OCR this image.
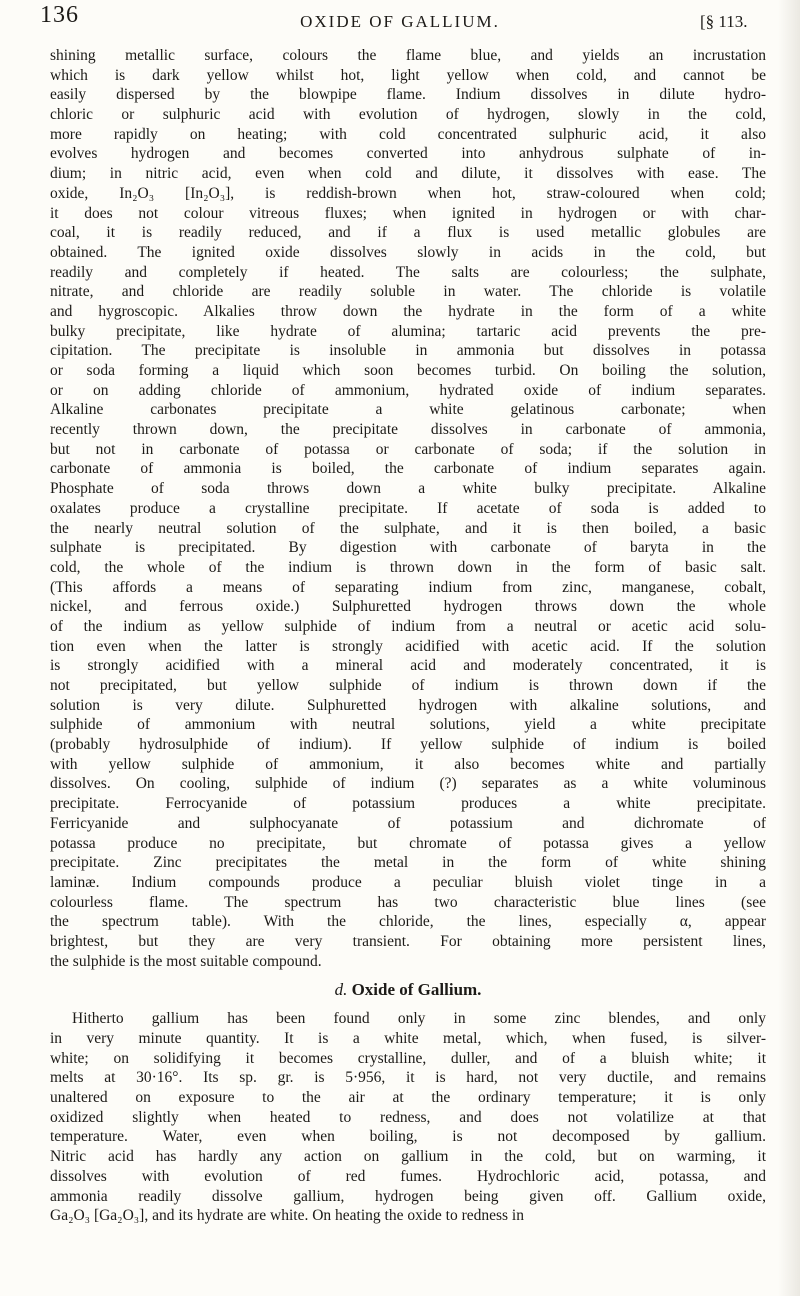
136	OXIDE OF GALLIUM.	[§ 113.
shining metallic surface, colours the flame blue, and yields an incrustation
which is dark yellow whilst hot, light yellow when cold, and cannot be
easily dispersed by the blowpipe flame. Indium dissolves in dilute hydro-
chloric or sulphuric acid with evolution of hydrogen, slowly in the cold,
more rapidly on heating; with cold concentrated sulphuric acid, it also
evolves hydrogen and becomes converted into anhydrous sulphate of in-
dium; in nitric acid, even when cold and dilute, it dissolves with ease. The
oxide, In₂O₃ [In₂O₃], is reddish-brown when hot, straw-coloured when cold;
it does not colour vitreous fluxes; when ignited in hydrogen or with char-
coal, it is readily reduced, and if a flux is used metallic globules are
obtained. The ignited oxide dissolves slowly in acids in the cold, but
readily and completely if heated. The salts are colourless; the sulphate,
nitrate, and chloride are readily soluble in water. The chloride is volatile
and hygroscopic. Alkalies throw down the hydrate in the form of a white
bulky precipitate, like hydrate of alumina; tartaric acid prevents the pre-
cipitation. The precipitate is insoluble in ammonia but dissolves in potassa
or soda forming a liquid which soon becomes turbid. On boiling the solution,
or on adding chloride of ammonium, hydrated oxide of indium separates.
Alkaline carbonates precipitate a white gelatinous carbonate; when
recently thrown down, the precipitate dissolves in carbonate of ammonia,
but not in carbonate of potassa or carbonate of soda; if the solution in
carbonate of ammonia is boiled, the carbonate of indium separates again.
Phosphate of soda throws down a white bulky precipitate. Alkaline
oxalates produce a crystalline precipitate. If acetate of soda is added to
the nearly neutral solution of the sulphate, and it is then boiled, a basic
sulphate is precipitated. By digestion with carbonate of baryta in the
cold, the whole of the indium is thrown down in the form of basic salt.
(This affords a means of separating indium from zinc, manganese, cobalt,
nickel, and ferrous oxide.) Sulphuretted hydrogen throws down the whole
of the indium as yellow sulphide of indium from a neutral or acetic acid solu-
tion even when the latter is strongly acidified with acetic acid. If the solution
is strongly acidified with a mineral acid and moderately concentrated, it is
not precipitated, but yellow sulphide of indium is thrown down if the
solution is very dilute. Sulphuretted hydrogen with alkaline solutions, and
sulphide of ammonium with neutral solutions, yield a white precipitate
(probably hydrosulphide of indium). If yellow sulphide of indium is boiled
with yellow sulphide of ammonium, it also becomes white and partially
dissolves. On cooling, sulphide of indium (?) separates as a white voluminous
precipitate. Ferrocyanide of potassium produces a white precipitate.
Ferricyanide and sulphocyanate of potassium and dichromate of
potassa produce no precipitate, but chromate of potassa gives a yellow
precipitate. Zinc precipitates the metal in the form of white shining
laminæ. Indium compounds produce a peculiar bluish violet tinge in a
colourless flame. The spectrum has two characteristic blue lines (see
the spectrum table). With the chloride, the lines, especially α, appear
brightest, but they are very transient. For obtaining more persistent lines,
the sulphide is the most suitable compound.
d. Oxide of Gallium.
Hitherto gallium has been found only in some zinc blendes, and only
in very minute quantity. It is a white metal, which, when fused, is silver-
white; on solidifying it becomes crystalline, duller, and of a bluish white; it
melts at 30·16°. Its sp. gr. is 5·956, it is hard, not very ductile, and remains
unaltered on exposure to the air at the ordinary temperature; it is only
oxidized slightly when heated to redness, and does not volatilize at that
temperature. Water, even when boiling, is not decomposed by gallium.
Nitric acid has hardly any action on gallium in the cold, but on warming, it
dissolves with evolution of red fumes. Hydrochloric acid, potassa, and
ammonia readily dissolve gallium, hydrogen being given off. Gallium oxide,
Ga₂O₃ [Ga₂O₃], and its hydrate are white. On heating the oxide to redness in
